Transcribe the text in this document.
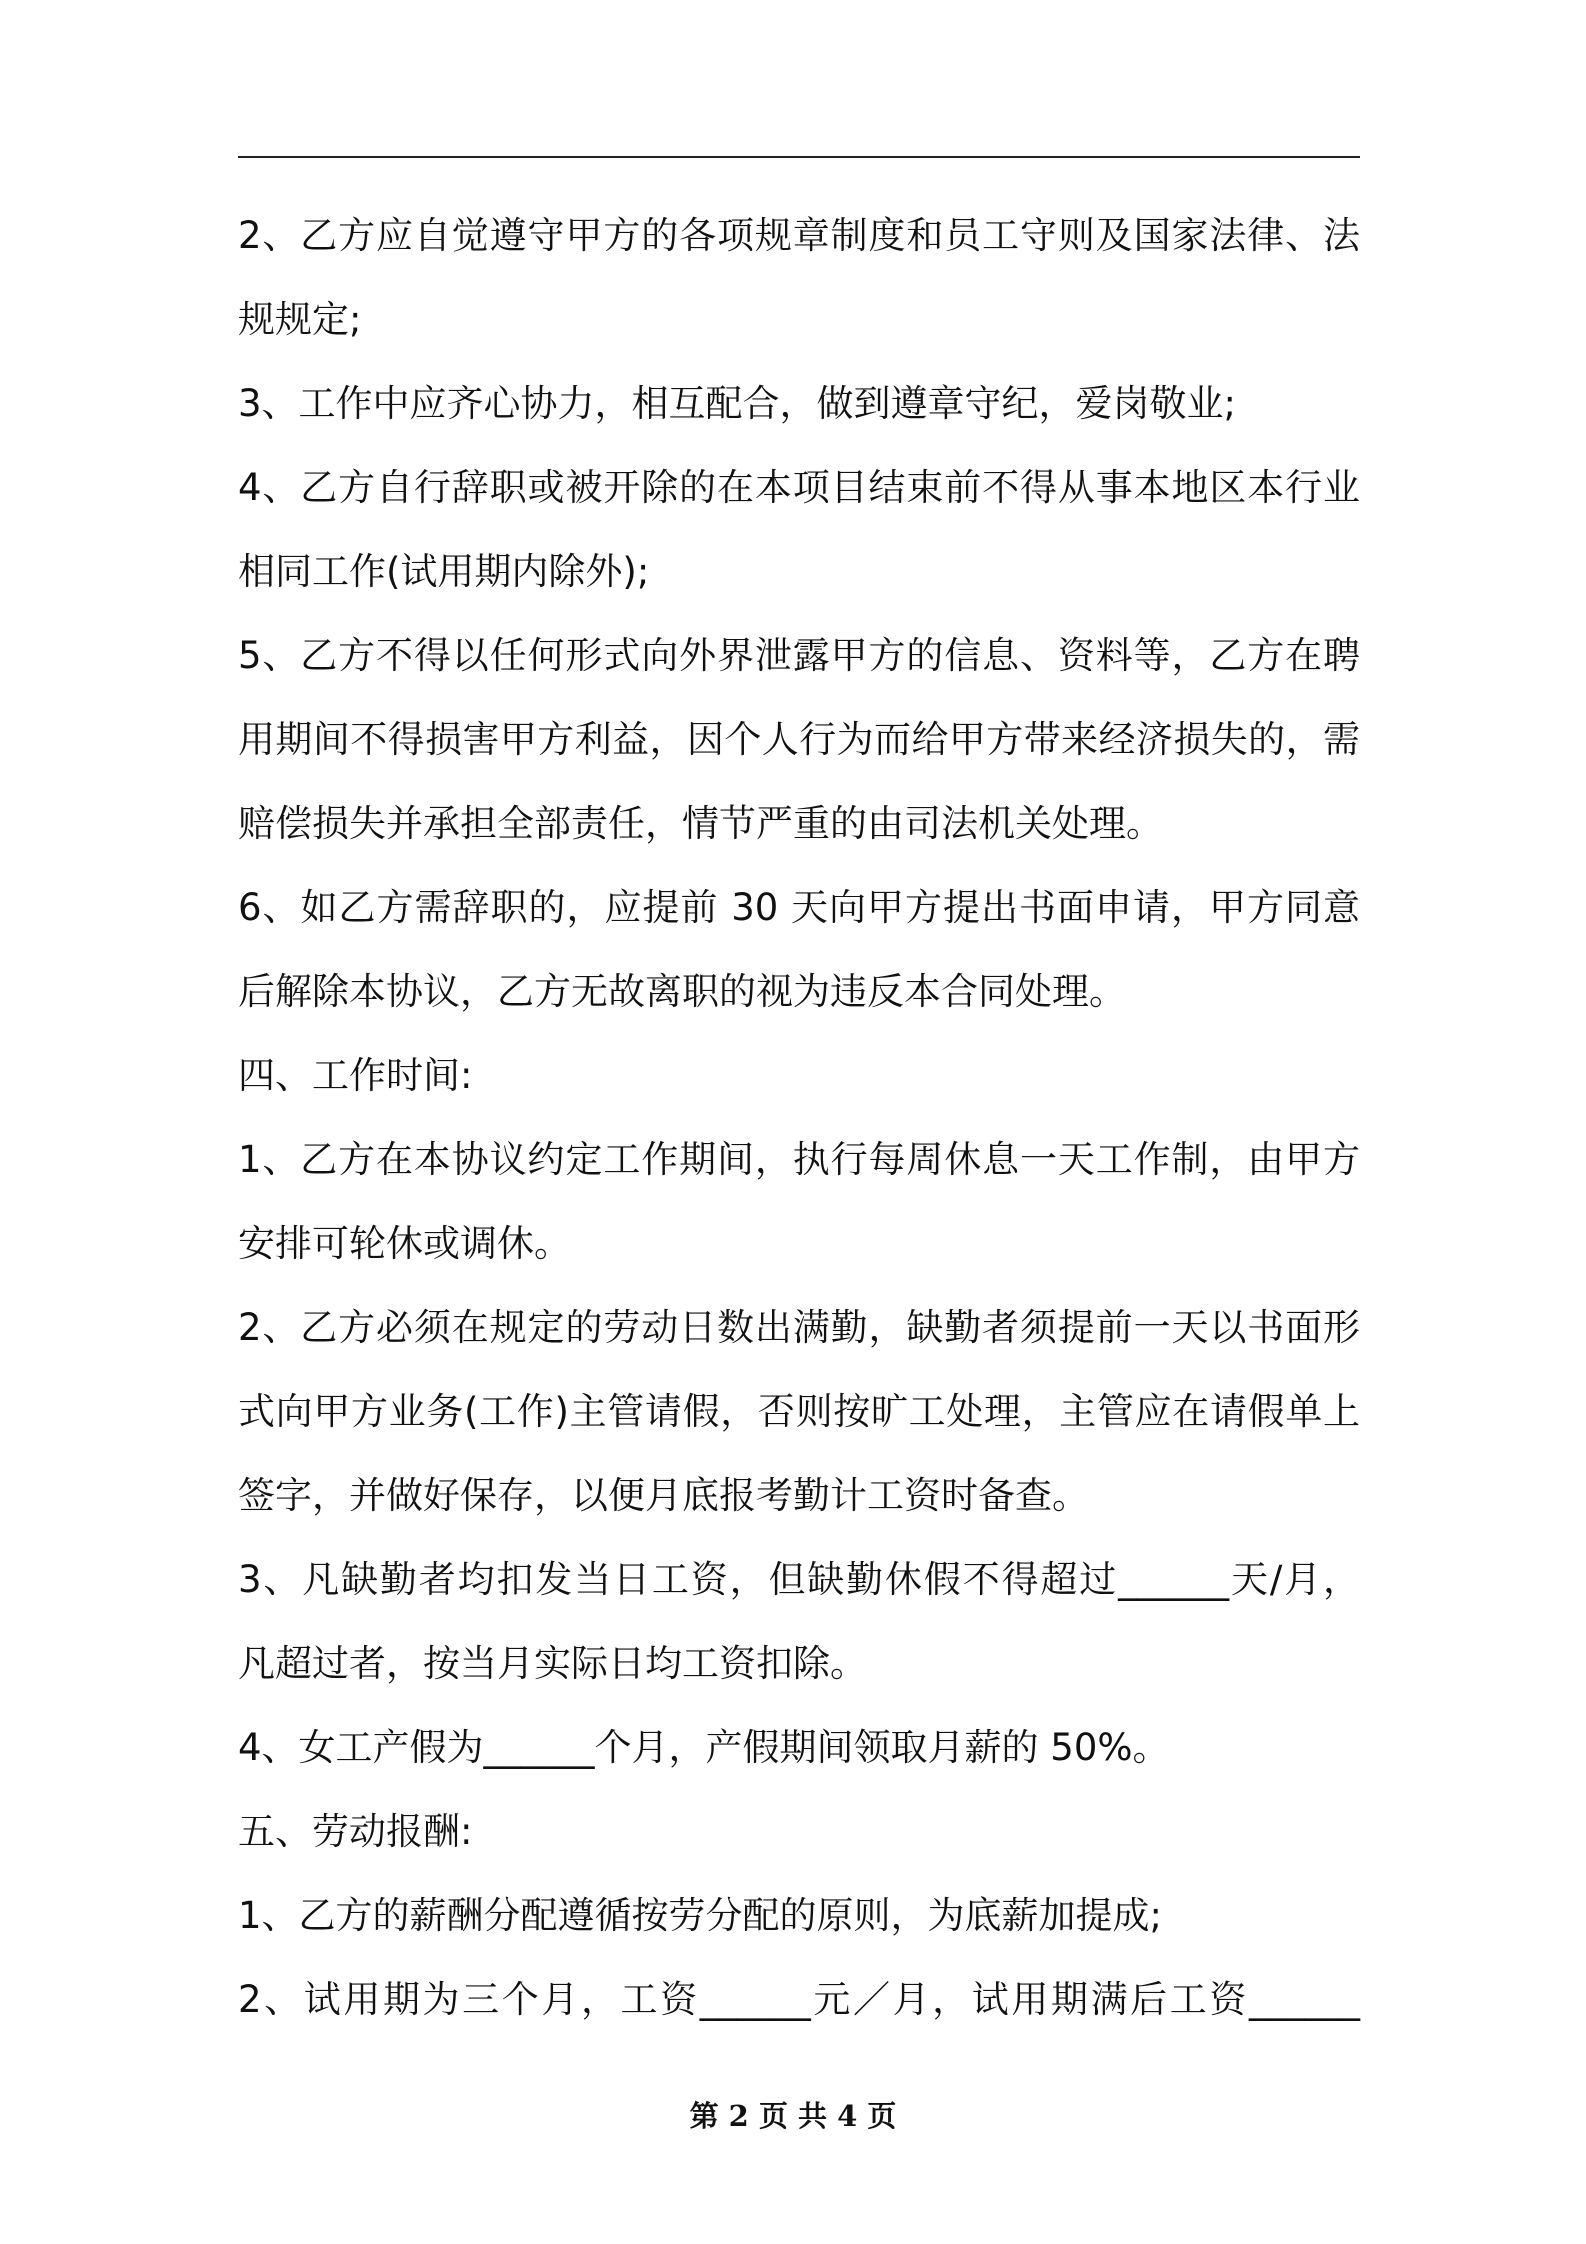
2、乙方应自觉遵守甲方的各项规章制度和员工守则及国家法律、法
规规定;
3、工作中应齐心协力，相互配合，做到遵章守纪，爱岗敬业;
4、乙方自行辞职或被开除的在本项目结束前不得从事本地区本行业
相同工作(试用期内除外);
5、乙方不得以任何形式向外界泄露甲方的信息、资料等，乙方在聘
用期间不得损害甲方利益，因个人行为而给甲方带来经济损失的，需
赔偿损失并承担全部责任，情节严重的由司法机关处理。
6、如乙方需辞职的，应提前 30 天向甲方提出书面申请，甲方同意
后解除本协议，乙方无故离职的视为违反本合同处理。
四、工作时间:
1、乙方在本协议约定工作期间，执行每周休息一天工作制，由甲方
安排可轮休或调休。
2、乙方必须在规定的劳动日数出满勤，缺勤者须提前一天以书面形
式向甲方业务(工作)主管请假，否则按旷工处理，主管应在请假单上
签字，并做好保存，以便月底报考勤计工资时备查。
3、凡缺勤者均扣发当日工资，但缺勤休假不得超过______天/月，
凡超过者，按当月实际日均工资扣除。
4、女工产假为______个月，产假期间领取月薪的 50%。
五、劳动报酬:
1、乙方的薪酬分配遵循按劳分配的原则，为底薪加提成;
2、试用期为三个月，工资______元／月，试用期满后工资______
第 2 页 共 4 页
